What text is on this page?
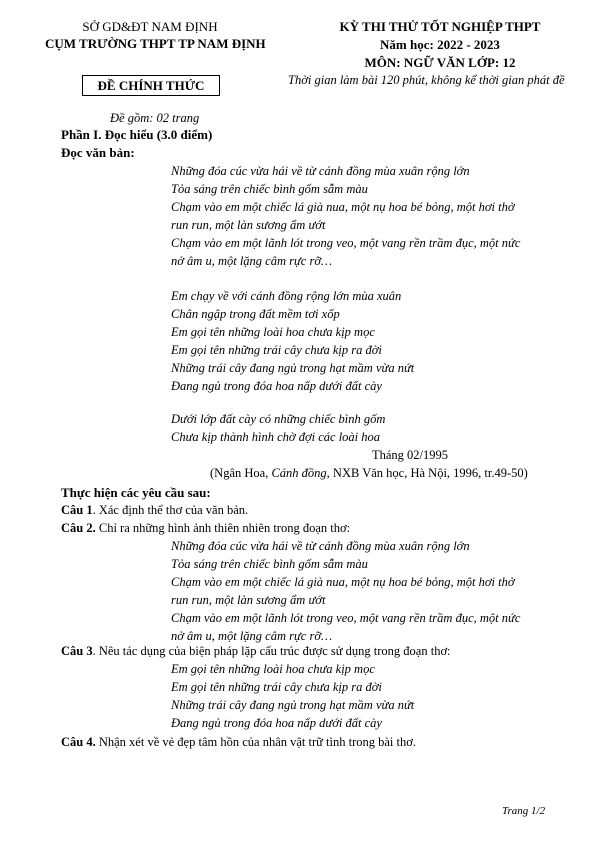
SỞ GD&ĐT NAM ĐỊNH
CỤM TRƯỜNG THPT TP NAM ĐỊNH
ĐỀ CHÍNH THỨC
KỲ THI THỬ TỐT NGHIỆP THPT
Năm học: 2022 - 2023
MÔN: NGỮ VĂN LỚP: 12
Thời gian làm bài 120 phút, không kể thời gian phát đề
Đề gồm: 02 trang
Phần I. Đọc hiểu (3.0 điểm)
Đọc văn bản:
Những đóa cúc vừa hái về từ cánh đồng mùa xuân rộng lớn
Tỏa sáng trên chiếc bình gốm sẫm màu
Chạm vào em một chiếc lá già nua, một nụ hoa bé bỏng, một hơi thở
run run, một làn sương ẩm ướt
Chạm vào em một lãnh lót trong veo, một vang rền trầm đục, một nức
nở âm u, một lặng câm rực rỡ…
Em chạy về với cánh đồng rộng lớn mùa xuân
Chân ngập trong đất mềm tơi xốp
Em gọi tên những loài hoa chưa kịp mọc
Em gọi tên những trái cây chưa kịp ra đời
Những trái cây đang ngủ trong hạt mầm vừa nứt
Đang ngủ trong đóa hoa nấp dưới đất cày
Dưới lớp đất cày có những chiếc bình gốm
Chưa kịp thành hình chờ đợi các loài hoa
Tháng 02/1995
(Ngân Hoa, Cánh đồng, NXB Văn học, Hà Nội, 1996, tr.49-50)
Thực hiện các yêu cầu sau:
Câu 1. Xác định thể thơ của văn bản.
Câu 2. Chỉ ra những hình ảnh thiên nhiên trong đoạn thơ:
Những đóa cúc vừa hái về từ cánh đồng mùa xuân rộng lớn
Tỏa sáng trên chiếc bình gốm sẫm màu
Chạm vào em một chiếc lá già nua, một nụ hoa bé bỏng, một hơi thở
run run, một làn sương ẩm ướt
Chạm vào em một lãnh lót trong veo, một vang rền trầm đục, một nức
nở âm u, một lặng câm rực rỡ…
Câu 3. Nêu tác dụng của biện pháp lặp cấu trúc được sử dụng trong đoạn thơ:
Em gọi tên những loài hoa chưa kịp mọc
Em gọi tên những trái cây chưa kịp ra đời
Những trái cây đang ngủ trong hạt mầm vừa nứt
Đang ngủ trong đóa hoa nấp dưới đất cày
Câu 4. Nhận xét về vẻ đẹp tâm hồn của nhân vật trữ tình trong bài thơ.
Trang 1/2
